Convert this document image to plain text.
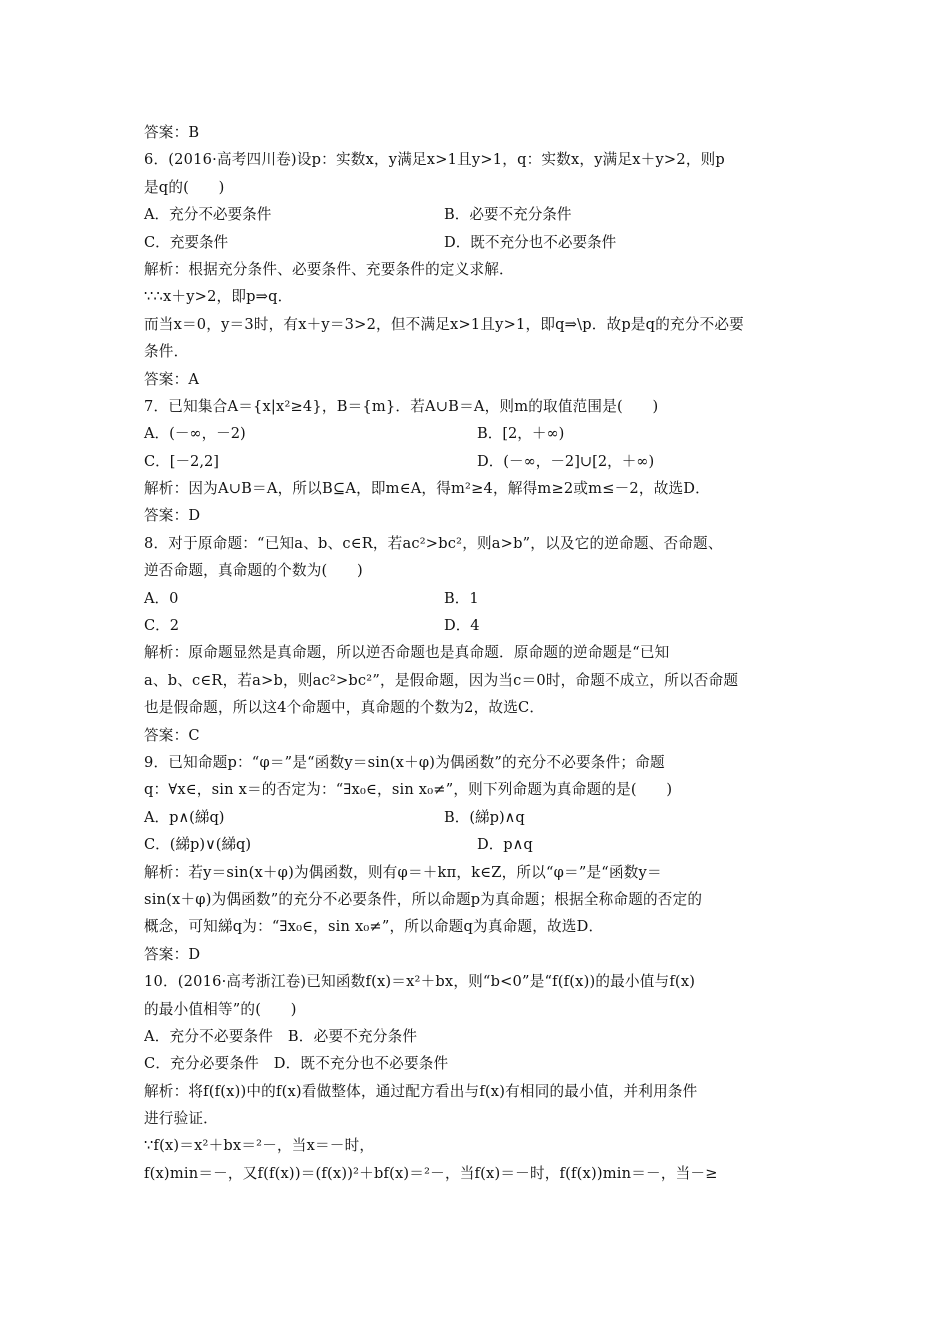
答案：B
6．(2016·高考四川卷)设p：实数x，y满足x>1且y>1，q：实数x，y满足x＋y>2，则p
是q的(　　)
A．充分不必要条件	B．必要不充分条件
C．充要条件	D．既不充分也不必要条件
解析：根据充分条件、必要条件、充要条件的定义求解．
∵∴x＋y>2，即p⇒q．
而当x＝0，y＝3时，有x＋y＝3>2，但不满足x>1且y>1，即q⇒\p．故p是q的充分不必要
条件．
答案：A
7．已知集合A＝{x|x²≥4}，B＝{m}．若A∪B＝A，则m的取值范围是(　　)
A．(－∞，－2)	B．[2，＋∞)
C．[－2,2]	D．(－∞，－2]∪[2，＋∞)
解析：因为A∪B＝A，所以B⊆A，即m∈A，得m²≥4，解得m≥2或m≤－2，故选D．
答案：D
8．对于原命题：“已知a、b、c∈R，若ac²>bc²，则a>b”，以及它的逆命题、否命题、
逆否命题，真命题的个数为(　　)
A．0	B．1
C．2	D．4
解析：原命题显然是真命题，所以逆否命题也是真命题．原命题的逆命题是“已知
a、b、c∈R，若a>b，则ac²>bc²”，是假命题，因为当c＝0时，命题不成立，所以否命题
也是假命题，所以这4个命题中，真命题的个数为2，故选C．
答案：C
9．已知命题p：“φ＝”是“函数y＝sin(x＋φ)为偶函数”的充分不必要条件；命题
q：∀x∈，sin x＝的否定为：“∃x₀∈，sin x₀≠”，则下列命题为真命题的是(　　)
A．p∧(綈q)	B．(綈p)∧q
C．(綈p)∨(綈q)	D．p∧q
解析：若y＝sin(x＋φ)为偶函数，则有φ＝＋kπ，k∈Z，所以“φ＝”是“函数y＝
sin(x＋φ)为偶函数”的充分不必要条件，所以命题p为真命题；根据全称命题的否定的
概念，可知綈q为：“∃x₀∈，sin x₀≠”，所以命题q为真命题，故选D．
答案：D
10．(2016·高考浙江卷)已知函数f(x)＝x²＋bx，则“b<0”是“f(f(x))的最小值与f(x)
的最小值相等”的(　　)
A．充分不必要条件　B．必要不充分条件
C．充分必要条件　D．既不充分也不必要条件
解析：将f(f(x))中的f(x)看做整体，通过配方看出与f(x)有相同的最小值，并利用条件
进行验证．
∵f(x)＝x²＋bx＝²－，当x＝－时，
f(x)min＝－，又f(f(x))＝(f(x))²＋bf(x)＝²－，当f(x)＝－时，f(f(x))min＝－，当－≥
